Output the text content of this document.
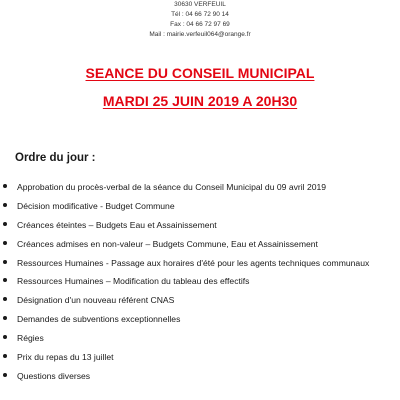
30630 VERFEUIL
Tél : 04 66 72 90 14
Fax : 04 66 72 97 69
Mail : mairie.verfeuil064@orange.fr
SEANCE DU CONSEIL MUNICIPAL
MARDI 25 JUIN 2019 A 20H30
Ordre du jour :
Approbation du procès-verbal de la séance du Conseil Municipal du 09 avril 2019
Décision modificative - Budget Commune
Créances éteintes – Budgets Eau et Assainissement
Créances admises en non-valeur – Budgets Commune, Eau et Assainissement
Ressources Humaines - Passage aux horaires d'été pour les agents techniques communaux
Ressources Humaines – Modification du tableau des effectifs
Désignation d'un nouveau référent CNAS
Demandes de subventions exceptionnelles
Régies
Prix du repas du 13 juillet
Questions diverses
